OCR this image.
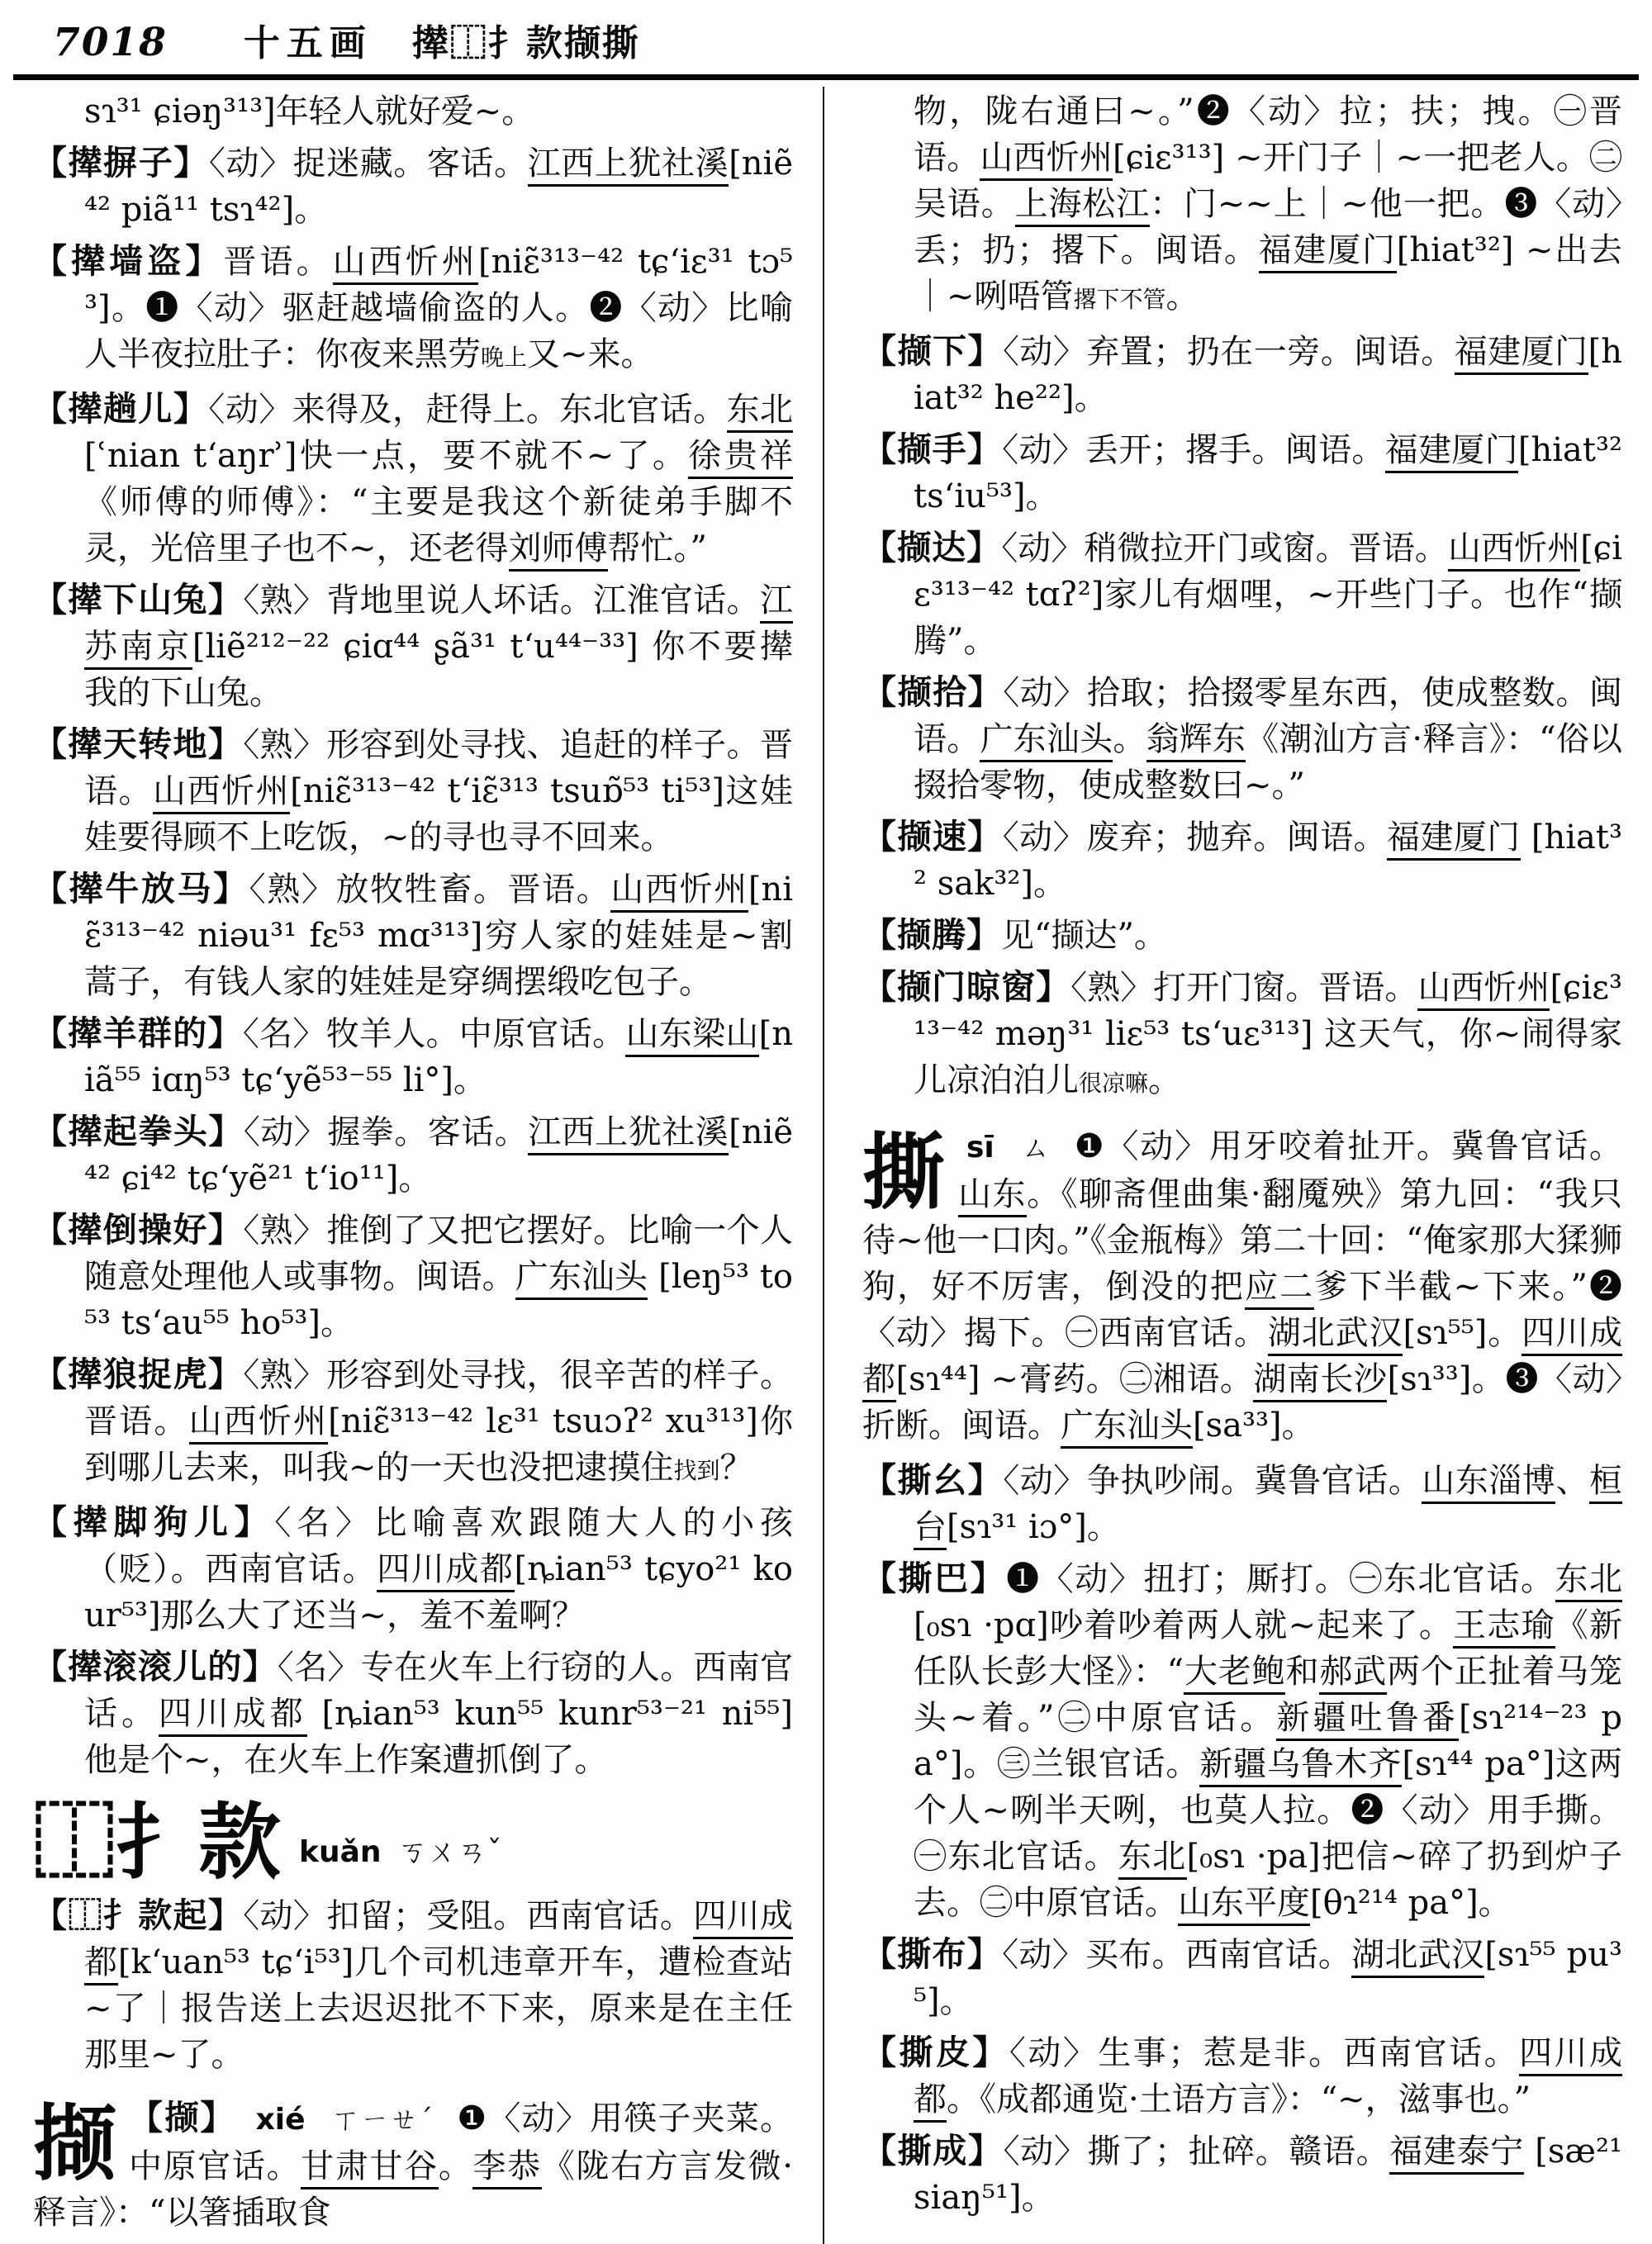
7018 十五画 撵⿰扌款撷撕

sɿ³¹ ɕiəŋ³¹³]年轻人就好爱~。

【撵摒子】〈动〉捉迷藏。客话。江西上犹社溪[niẽ⁴² piã¹¹ tsɿ⁴²]。

【撵墙盗】晋语。山西忻州[niɛ̃³¹³⁻⁴² tɕ‘iɛ³¹ tɔ⁵³]。❶〈动〉驱赶越墙偷盗的人。❷〈动〉比喻人半夜拉肚子：你夜来黑劳晚上又~来。

【撵趟儿】〈动〉来得及，赶得上。东北官话。东北[ʿnian t‘aŋrʾ]快一点，要不就不~了。徐贵祥《师傅的师傅》：“主要是我这个新徒弟手脚不灵，光倍里子也不~，还老得刘师傅帮忙。”

【撵下山兔】〈熟〉背地里说人坏话。江淮官话。江苏南京[liẽ²¹²⁻²² ɕiɑ⁴⁴ ʂã³¹ t‘u⁴⁴⁻³³] 你不要撵我的下山兔。

【撵天转地】〈熟〉形容到处寻找、追赶的样子。晋语。山西忻州[niɛ̃³¹³⁻⁴² t‘iɛ̃³¹³ tsuɒ̃⁵³ ti⁵³]这娃娃要得顾不上吃饭，~的寻也寻不回来。

【撵牛放马】〈熟〉放牧牲畜。晋语。山西忻州[niɛ̃³¹³⁻⁴² niəu³¹ fɛ⁵³ mɑ³¹³]穷人家的娃娃是~割蒿子，有钱人家的娃娃是穿绸摆缎吃包子。

【撵羊群的】〈名〉牧羊人。中原官话。山东梁山[niã⁵⁵ iɑŋ⁵³ tɕ‘yẽ⁵³⁻⁵⁵ li°]。

【撵起拳头】〈动〉握拳。客话。江西上犹社溪[niẽ⁴² ɕi⁴² tɕ‘yẽ²¹ t‘io¹¹]。

【撵倒操好】〈熟〉推倒了又把它摆好。比喻一个人随意处理他人或事物。闽语。广东汕头 [leŋ⁵³ to⁵³ ts‘au⁵⁵ ho⁵³]。

【撵狼捉虎】〈熟〉形容到处寻找，很辛苦的样子。晋语。山西忻州[niɛ̃³¹³⁻⁴² lɛ³¹ tsuɔʔ² xu³¹³]你到哪儿去来，叫我~的一天也没把逮摸住找到？

【撵脚狗儿】〈名〉比喻喜欢跟随大人的小孩（贬）。西南官话。四川成都[ȵian⁵³ tɕyo²¹ kour⁵³]那么大了还当~，羞不羞啊？

【撵滚滚儿的】〈名〉专在火车上行窃的人。西南官话。四川成都 [ȵian⁵³ kun⁵⁵ kunr⁵³⁻²¹ ni⁵⁵] 他是个~，在火车上作案遭抓倒了。

⿰扌款 kuǎn ㄎㄨㄢˇ

【⿰扌款起】〈动〉扣留；受阻。西南官话。四川成都[k‘uan⁵³ tɕ‘i⁵³]几个司机违章开车，遭检查站~了｜报告送上去迟迟批不下来，原来是在主任那里~了。

撷 【撷】 xié ㄒㄧㄝˊ ❶〈动〉用筷子夹菜。中原官话。甘肃甘谷。李恭《陇右方言发微·释言》：“以箸插取食

物，陇右通曰~。”❷〈动〉拉；扶；拽。㊀晋语。山西忻州[ɕiɛ³¹³] ~开门子｜~一把老人。㊁吴语。上海松江：门~~上｜~他一把。❸〈动〉丢；扔；撂下。闽语。福建厦门[hiat³²] ~出去｜~咧唔管撂下不管。

【撷下】〈动〉弃置；扔在一旁。闽语。福建厦门[hiat³² he²²]。

【撷手】〈动〉丢开；撂手。闽语。福建厦门[hiat³² ts‘iu⁵³]。

【撷达】〈动〉稍微拉开门或窗。晋语。山西忻州[ɕiɛ³¹³⁻⁴² tɑʔ²]家儿有烟哩，~开些门子。也作“撷腾”。

【撷拾】〈动〉拾取；拾掇零星东西，使成整数。闽语。广东汕头。翁辉东《潮汕方言·释言》：“俗以掇拾零物，使成整数曰~。”

【撷速】〈动〉废弃；抛弃。闽语。福建厦门 [hiat³² sak³²]。

【撷腾】见“撷达”。

【撷门晾窗】〈熟〉打开门窗。晋语。山西忻州[ɕiɛ³¹³⁻⁴² məŋ³¹ liɛ⁵³ ts‘uɛ³¹³] 这天气，你~闹得家儿凉泊泊儿很凉嘛。

撕 sī ㄙ ❶〈动〉用牙咬着扯开。冀鲁官话。山东。《聊斋俚曲集·翻魇殃》第九回：“我只待~他一口肉。”《金瓶梅》第二十回：“俺家那大猱狮狗，好不厉害，倒没的把应二爹下半截~下来。”❷〈动〉揭下。㊀西南官话。湖北武汉[sɿ⁵⁵]。四川成都[sɿ⁴⁴] ~膏药。㊁湘语。湖南长沙[sɿ³³]。❸〈动〉折断。闽语。广东汕头[sa³³]。

【撕幺】〈动〉争执吵闹。冀鲁官话。山东淄博、桓台[sɿ³¹ iɔ°]。

【撕巴】❶〈动〉扭打；厮打。㊀东北官话。东北 [₀sɿ ·pɑ]吵着吵着两人就~起来了。王志瑜《新任队长彭大怪》：“大老鲍和郝武两个正扯着马笼头~着。”㊁中原官话。新疆吐鲁番[sɿ²¹⁴⁻²³ pa°]。㊂兰银官话。新疆乌鲁木齐[sɿ⁴⁴ pa°]这两个人~咧半天咧，也莫人拉。❷〈动〉用手撕。㊀东北官话。东北[₀sɿ ·pa]把信~碎了扔到炉子去。㊁中原官话。山东平度[θɿ²¹⁴ pa°]。

【撕布】〈动〉买布。西南官话。湖北武汉[sɿ⁵⁵ pu³⁵]。

【撕皮】〈动〉生事；惹是非。西南官话。四川成都。《成都通览·土语方言》：“~，滋事也。”

【撕成】〈动〉撕了；扯碎。赣语。福建泰宁 [sæ²¹ siaŋ⁵¹]。
